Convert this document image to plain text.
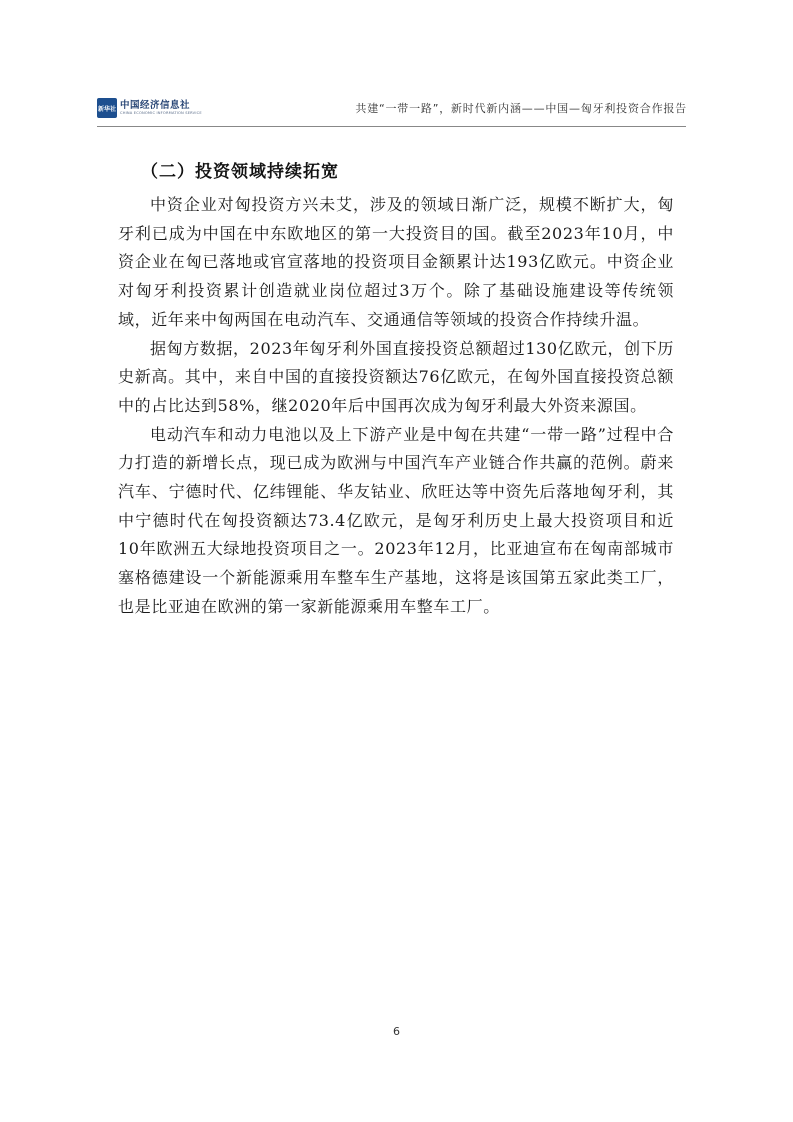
新华社 中国经济信息社
CHINA ECONOMIC INFORMATION SERVICE	共建“一带一路”，新时代新内涵——中国—匈牙利投资合作报告
（二）投资领域持续拓宽

中资企业对匈投资方兴未艾，涉及的领域日渐广泛，规模不断扩大，匈牙利已成为中国在中东欧地区的第一大投资目的国。截至2023年10月，中资企业在匈已落地或官宣落地的投资项目金额累计达193亿欧元。中资企业对匈牙利投资累计创造就业岗位超过3万个。除了基础设施建设等传统领域，近年来中匈两国在电动汽车、交通通信等领域的投资合作持续升温。

据匈方数据，2023年匈牙利外国直接投资总额超过130亿欧元，创下历史新高。其中，来自中国的直接投资额达76亿欧元，在匈外国直接投资总额中的占比达到58%，继2020年后中国再次成为匈牙利最大外资来源国。

电动汽车和动力电池以及上下游产业是中匈在共建“一带一路”过程中合力打造的新增长点，现已成为欧洲与中国汽车产业链合作共赢的范例。蔚来汽车、宁德时代、亿纬锂能、华友钴业、欣旺达等中资先后落地匈牙利，其中宁德时代在匈投资额达73.4亿欧元，是匈牙利历史上最大投资项目和近10年欧洲五大绿地投资项目之一。2023年12月，比亚迪宣布在匈南部城市塞格德建设一个新能源乘用车整车生产基地，这将是该国第五家此类工厂，也是比亚迪在欧洲的第一家新能源乘用车整车工厂。

6
